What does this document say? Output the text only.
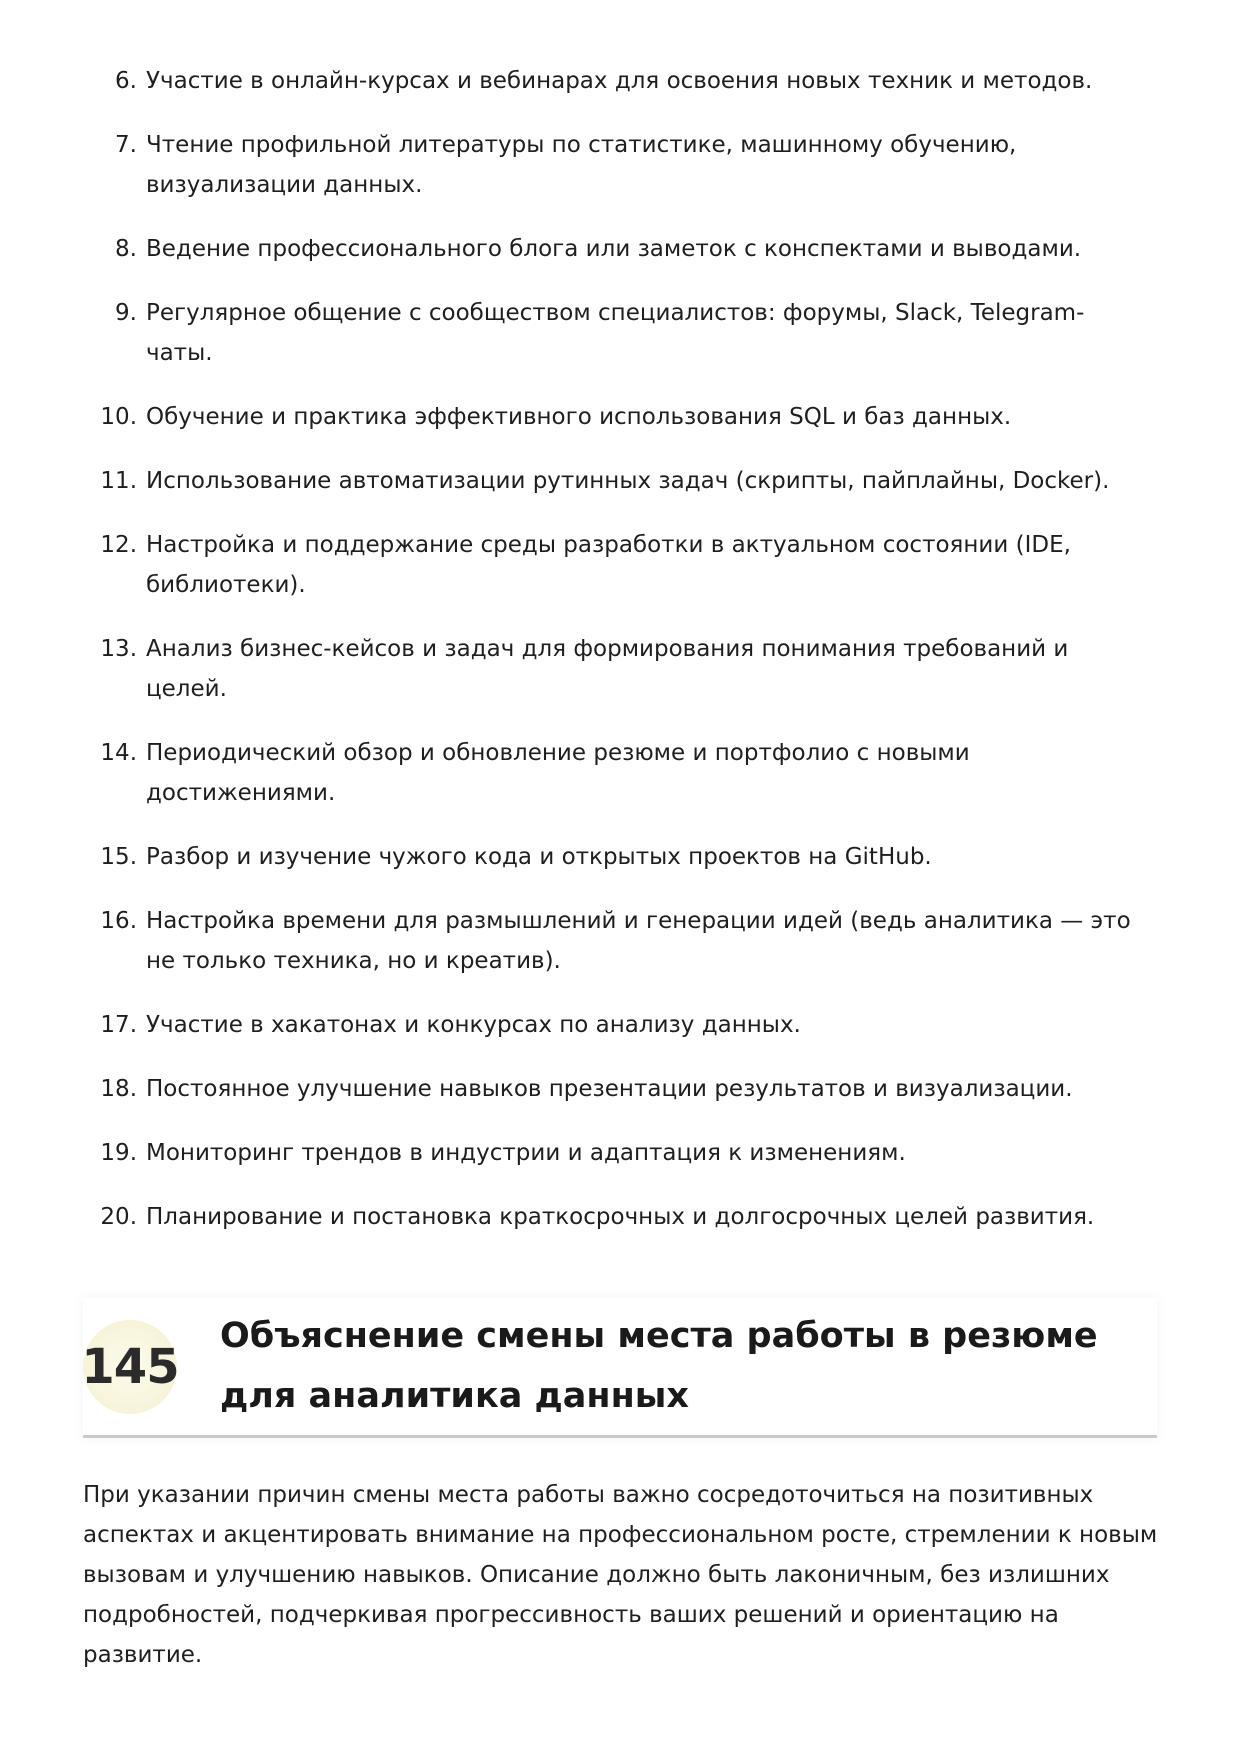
6. Участие в онлайн-курсах и вебинарах для освоения новых техник и методов.
7. Чтение профильной литературы по статистике, машинному обучению, визуализации данных.
8. Ведение профессионального блога или заметок с конспектами и выводами.
9. Регулярное общение с сообществом специалистов: форумы, Slack, Telegram-чаты.
10. Обучение и практика эффективного использования SQL и баз данных.
11. Использование автоматизации рутинных задач (скрипты, пайплайны, Docker).
12. Настройка и поддержание среды разработки в актуальном состоянии (IDE, библиотеки).
13. Анализ бизнес-кейсов и задач для формирования понимания требований и целей.
14. Периодический обзор и обновление резюме и портфолио с новыми достижениями.
15. Разбор и изучение чужого кода и открытых проектов на GitHub.
16. Настройка времени для размышлений и генерации идей (ведь аналитика — это не только техника, но и креатив).
17. Участие в хакатонах и конкурсах по анализу данных.
18. Постоянное улучшение навыков презентации результатов и визуализации.
19. Мониторинг трендов в индустрии и адаптация к изменениям.
20. Планирование и постановка краткосрочных и долгосрочных целей развития.
145
Объяснение смены места работы в резюме для аналитика данных

При указании причин смены места работы важно сосредоточиться на позитивных аспектах и акцентировать внимание на профессиональном росте, стремлении к новым вызовам и улучшению навыков. Описание должно быть лаконичным, без излишних подробностей, подчеркивая прогрессивность ваших решений и ориентацию на развитие.
